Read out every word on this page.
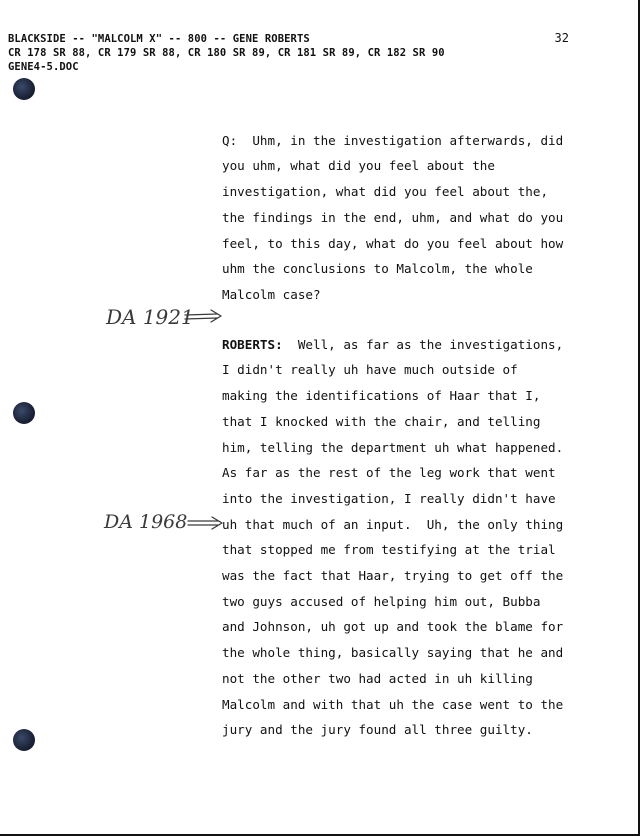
BLACKSIDE -- "MALCOLM X" -- 800 -- GENE ROBERTS
CR 178 SR 88, CR 179 SR 88, CR 180 SR 89, CR 181 SR 89, CR 182 SR 90
GENE4-5.DOC
32

Q:  Uhm, in the investigation afterwards, did
you uhm, what did you feel about the
investigation, what did you feel about the,
the findings in the end, uhm, and what do you
feel, to this day, what do you feel about how
uhm the conclusions to Malcolm, the whole
Malcolm case?

ROBERTS:  Well, as far as the investigations,
I didn't really uh have much outside of
making the identifications of Haar that I,
that I knocked with the chair, and telling
him, telling the department uh what happened.
As far as the rest of the leg work that went
into the investigation, I really didn't have
uh that much of an input.  Uh, the only thing
that stopped me from testifying at the trial
was the fact that Haar, trying to get off the
two guys accused of helping him out, Bubba
and Johnson, uh got up and took the blame for
the whole thing, basically saying that he and
not the other two had acted in uh killing
Malcolm and with that uh the case went to the
jury and the jury found all three guilty.

DA 1921
DA 1968
